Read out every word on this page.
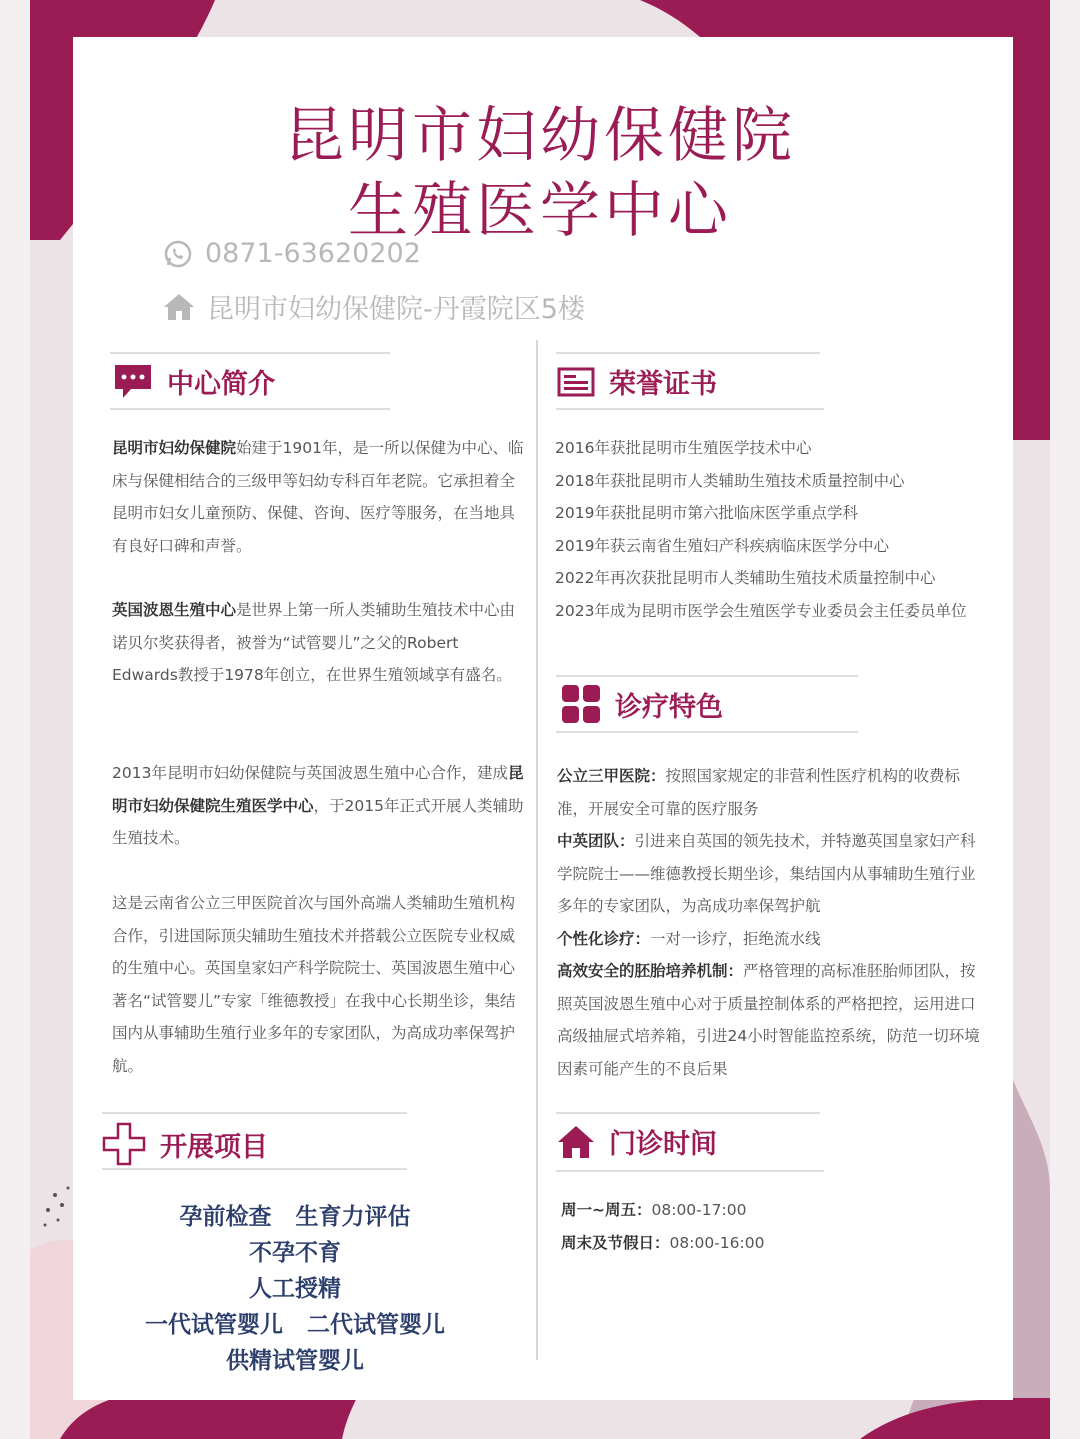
昆明市妇幼保健院
生殖医学中心
0871-63620202
昆明市妇幼保健院-丹霞院区5楼
中心简介
昆明市妇幼保健院始建于1901年，是一所以保健为中心、临床与保健相结合的三级甲等妇幼专科百年老院。它承担着全昆明市妇女儿童预防、保健、咨询、医疗等服务，在当地具有良好口碑和声誉。
英国波恩生殖中心是世界上第一所人类辅助生殖技术中心由诺贝尔奖获得者，被誉为“试管婴儿”之父的Robert Edwards教授于1978年创立，在世界生殖领域享有盛名。
2013年昆明市妇幼保健院与英国波恩生殖中心合作，建成昆明市妇幼保健院生殖医学中心，于2015年正式开展人类辅助生殖技术。
这是云南省公立三甲医院首次与国外高端人类辅助生殖机构合作，引进国际顶尖辅助生殖技术并搭载公立医院专业权威的生殖中心。英国皇家妇产科学院院士、英国波恩生殖中心著名“试管婴儿”专家「维德教授」在我中心长期坐诊，集结国内从事辅助生殖行业多年的专家团队，为高成功率保驾护航。
荣誉证书
2016年获批昆明市生殖医学技术中心
2018年获批昆明市人类辅助生殖技术质量控制中心
2019年获批昆明市第六批临床医学重点学科
2019年获云南省生殖妇产科疾病临床医学分中心
2022年再次获批昆明市人类辅助生殖技术质量控制中心
2023年成为昆明市医学会生殖医学专业委员会主任委员单位
诊疗特色
公立三甲医院：按照国家规定的非营利性医疗机构的收费标准，开展安全可靠的医疗服务
中英团队：引进来自英国的领先技术，并特邀英国皇家妇产科学院院士——维德教授长期坐诊，集结国内从事辅助生殖行业多年的专家团队，为高成功率保驾护航
个性化诊疗：一对一诊疗，拒绝流水线
高效安全的胚胎培养机制：严格管理的高标准胚胎师团队，按照英国波恩生殖中心对于质量控制体系的严格把控，运用进口高级抽屉式培养箱，引进24小时智能监控系统，防范一切环境因素可能产生的不良后果
开展项目
孕前检查 生育力评估
不孕不育
人工授精
一代试管婴儿 二代试管婴儿
供精试管婴儿
门诊时间
周一~周五：08:00-17:00
周末及节假日：08:00-16:00
